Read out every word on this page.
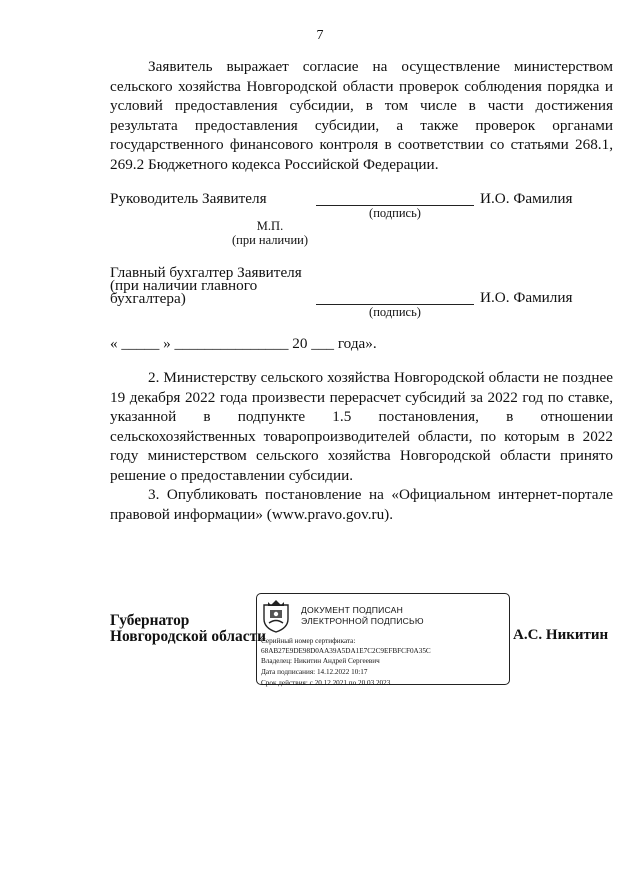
7
Заявитель выражает согласие на осуществление министерством сельского хозяйства Новгородской области проверок соблюдения порядка и условий предоставления субсидии, в том числе в части достижения результата предоставления субсидии, а также проверок органами государственного финансового контроля в соответствии со статьями 268.1, 269.2 Бюджетного кодекса Российской Федерации.
Руководитель Заявителя	И.О. Фамилия
(подпись)
М.П.
(при наличии)
Главный бухгалтер Заявителя
(при наличии главного
бухгалтера)	И.О. Фамилия
(подпись)
« _____ » _______________ 20 ___ года».
2. Министерству сельского хозяйства Новгородской области не позднее 19 декабря 2022 года произвести перерасчет субсидий за 2022 год по ставке, указанной в подпункте 1.5 постановления, в отношении сельскохозяйственных товаропроизводителей области, по которым в 2022 году министерством сельского хозяйства Новгородской области принято решение о предоставлении субсидии.
3. Опубликовать постановление на «Официальном интернет-портале правовой информации» (www.pravo.gov.ru).
Губернатор
Новгородской области
ДОКУМЕНТ ПОДПИСАН
ЭЛЕКТРОННОЙ ПОДПИСЬЮ
Серийный номер сертификата:
68AB27E9DE98D0AA39A5DA1E7C2C9EFBFCF0A35C
Владелец: Никитин Андрей Сергеевич
Дата подписания: 14.12.2022 10:17
Срок действия: с 20.12.2021 по 20.03.2023
А.С. Никитин
